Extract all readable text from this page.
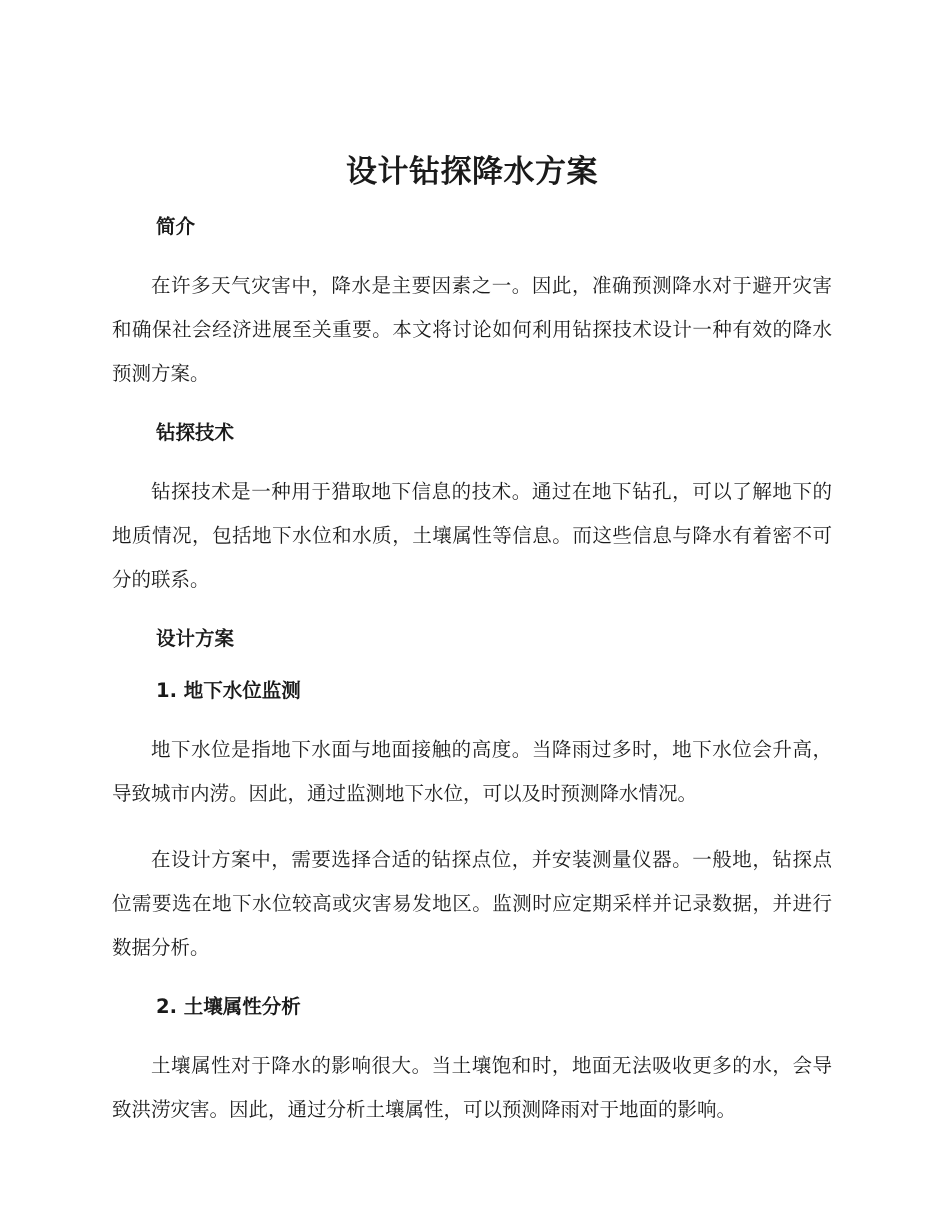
设计钻探降水方案
简介

在许多天气灾害中，降水是主要因素之一。因此，准确预测降水对于避开灾害和确保社会经济进展至关重要。本文将讨论如何利用钻探技术设计一种有效的降水预测方案。

钻探技术

钻探技术是一种用于猎取地下信息的技术。通过在地下钻孔，可以了解地下的地质情况，包括地下水位和水质，土壤属性等信息。而这些信息与降水有着密不可分的联系。

设计方案
1. 地下水位监测

地下水位是指地下水面与地面接触的高度。当降雨过多时，地下水位会升高，导致城市内涝。因此，通过监测地下水位，可以及时预测降水情况。

在设计方案中，需要选择合适的钻探点位，并安装测量仪器。一般地，钻探点位需要选在地下水位较高或灾害易发地区。监测时应定期采样并记录数据，并进行数据分析。

2. 土壤属性分析

土壤属性对于降水的影响很大。当土壤饱和时，地面无法吸收更多的水，会导致洪涝灾害。因此，通过分析土壤属性，可以预测降雨对于地面的影响。
